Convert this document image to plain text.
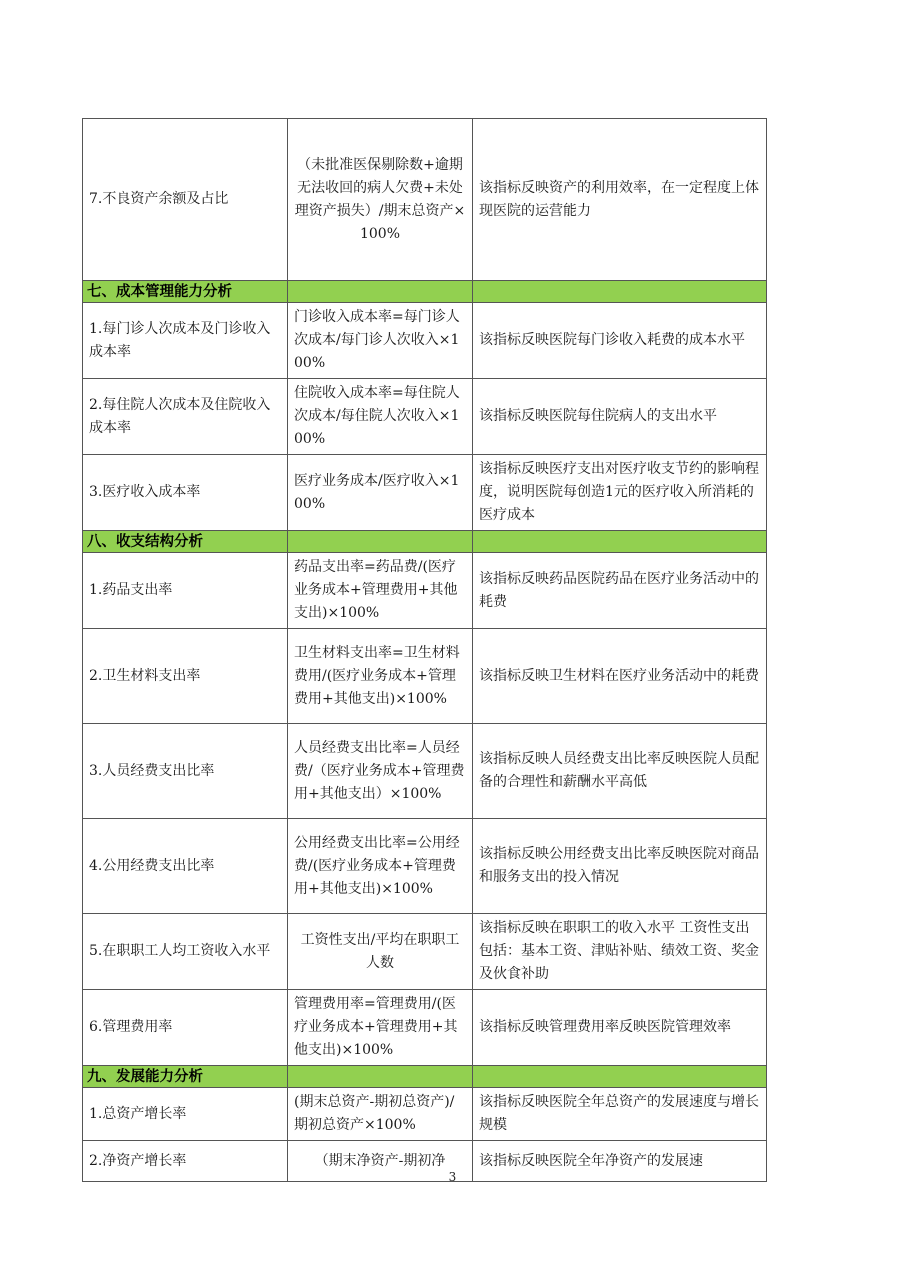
7.不良资产余额及占比	（未批准医保剔除数+逾期无法收回的病人欠费+未处理资产损失）/期末总资产×100%	该指标反映资产的利用效率，在一定程度上体现医院的运营能力
七、成本管理能力分析		
1.每门诊人次成本及门诊收入成本率	门诊收入成本率=每门诊人次成本/每门诊人次收入×100%	该指标反映医院每门诊收入耗费的成本水平
2.每住院人次成本及住院收入成本率	住院收入成本率=每住院人次成本/每住院人次收入×100%	该指标反映医院每住院病人的支出水平
3.医疗收入成本率	医疗业务成本/医疗收入×100%	该指标反映医疗支出对医疗收支节约的影响程度，说明医院每创造1元的医疗收入所消耗的医疗成本
八、收支结构分析		
1.药品支出率	药品支出率=药品费/(医疗业务成本+管理费用+其他支出)×100%	该指标反映药品医院药品在医疗业务活动中的耗费
2.卫生材料支出率	卫生材料支出率=卫生材料费用/(医疗业务成本+管理费用+其他支出)×100%	该指标反映卫生材料在医疗业务活动中的耗费
3.人员经费支出比率	人员经费支出比率=人员经费/（医疗业务成本+管理费用+其他支出）×100%	该指标反映人员经费支出比率反映医院人员配备的合理性和薪酬水平高低
4.公用经费支出比率	公用经费支出比率=公用经费/(医疗业务成本+管理费用+其他支出)×100%	该指标反映公用经费支出比率反映医院对商品和服务支出的投入情况
5.在职职工人均工资收入水平	工资性支出/平均在职职工人数	该指标反映在职职工的收入水平 工资性支出包括：基本工资、津贴补贴、绩效工资、奖金及伙食补助
6.管理费用率	管理费用率=管理费用/(医疗业务成本+管理费用+其他支出)×100%	该指标反映管理费用率反映医院管理效率
九、发展能力分析		
1.总资产增长率	(期末总资产-期初总资产)/期初总资产×100%	该指标反映医院全年总资产的发展速度与增长规模
2.净资产增长率	（期末净资产-期初净	该指标反映医院全年净资产的发展速
3
